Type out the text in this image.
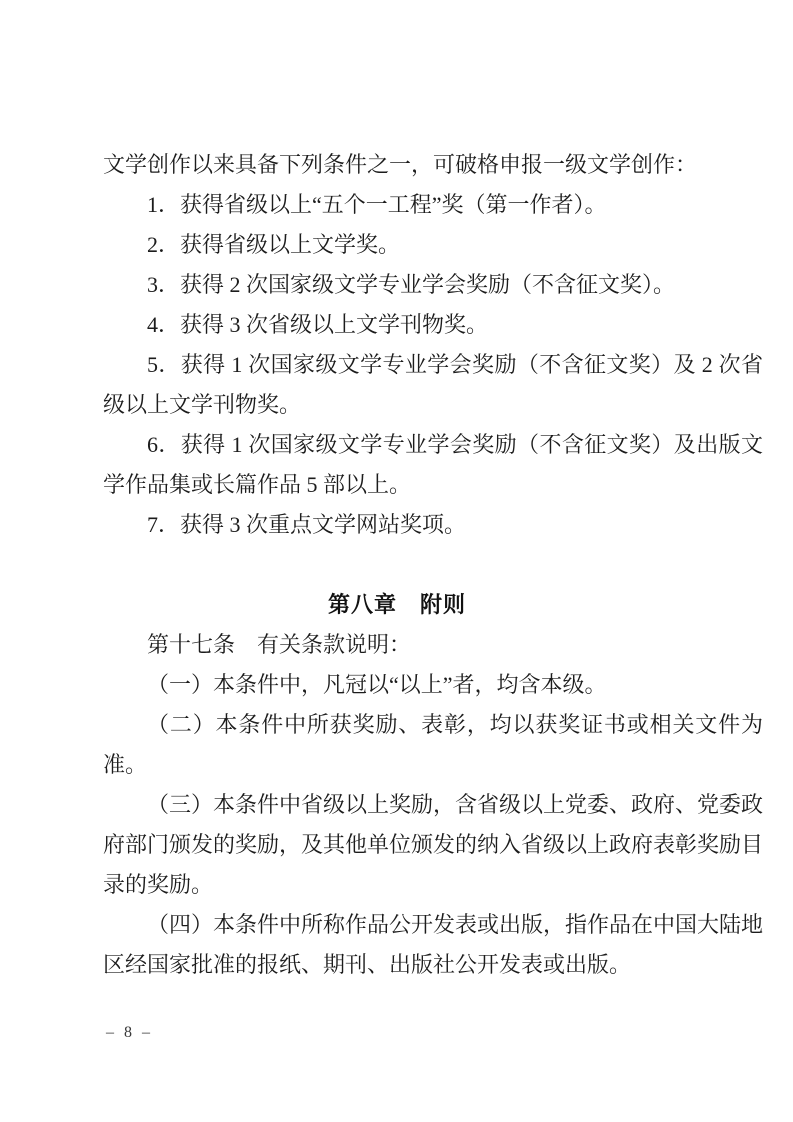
文学创作以来具备下列条件之一，可破格申报一级文学创作：

1．获得省级以上“五个一工程”奖（第一作者）。

2．获得省级以上文学奖。

3．获得 2 次国家级文学专业学会奖励（不含征文奖）。

4．获得 3 次省级以上文学刊物奖。

5．获得 1 次国家级文学专业学会奖励（不含征文奖）及 2 次省级以上文学刊物奖。

6．获得 1 次国家级文学专业学会奖励（不含征文奖）及出版文学作品集或长篇作品 5 部以上。

7．获得 3 次重点文学网站奖项。

第八章　附则

第十七条　有关条款说明：

（一）本条件中，凡冠以“以上”者，均含本级。

（二）本条件中所获奖励、表彰，均以获奖证书或相关文件为准。

（三）本条件中省级以上奖励，含省级以上党委、政府、党委政府部门颁发的奖励，及其他单位颁发的纳入省级以上政府表彰奖励目录的奖励。

（四）本条件中所称作品公开发表或出版，指作品在中国大陆地区经国家批准的报纸、期刊、出版社公开发表或出版。

– 8 –
